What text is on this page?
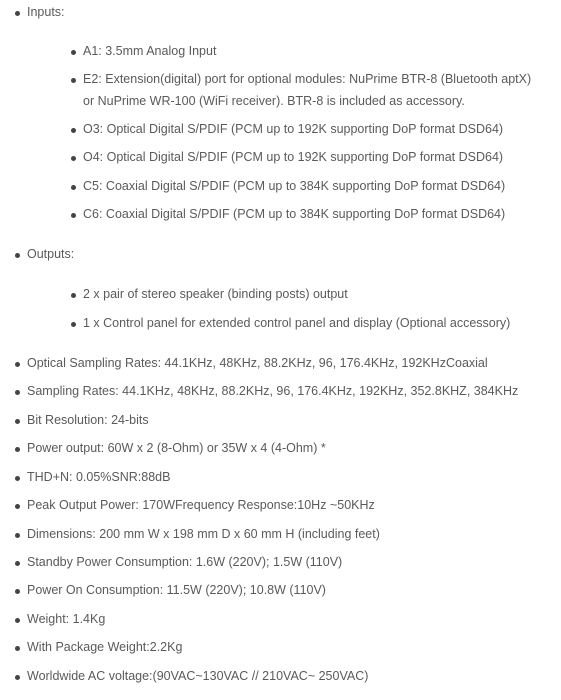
Inputs:
A1: 3.5mm Analog Input
E2: Extension(digital) port for optional modules: NuPrime BTR-8 (Bluetooth aptX)
or NuPrime WR-100 (WiFi receiver). BTR-8 is included as accessory.
O3: Optical Digital S/PDIF (PCM up to 192K supporting DoP format DSD64)
O4: Optical Digital S/PDIF (PCM up to 192K supporting DoP format DSD64)
C5: Coaxial Digital S/PDIF (PCM up to 384K supporting DoP format DSD64)
C6: Coaxial Digital S/PDIF (PCM up to 384K supporting DoP format DSD64)
Outputs:
2 x pair of stereo speaker (binding posts) output
1 x Control panel for extended control panel and display (Optional accessory)
Optical Sampling Rates: 44.1KHz, 48KHz, 88.2KHz, 96, 176.4KHz, 192KHzCoaxial
Sampling Rates: 44.1KHz, 48KHz, 88.2KHz, 96, 176.4KHz, 192KHz, 352.8KHZ, 384KHz
Bit Resolution: 24-bits
Power output: 60W x 2 (8-Ohm) or 35W x 4 (4-Ohm) *
THD+N: 0.05%SNR:88dB
Peak Output Power: 170WFrequency Response:10Hz ~50KHz
Dimensions: 200 mm W x 198 mm D x 60 mm H (including feet)
Standby Power Consumption: 1.6W (220V); 1.5W (110V)
Power On Consumption: 11.5W (220V); 10.8W (110V)
Weight: 1.4Kg
With Package Weight:2.2Kg
Worldwide AC voltage:(90VAC~130VAC // 210VAC~ 250VAC)
